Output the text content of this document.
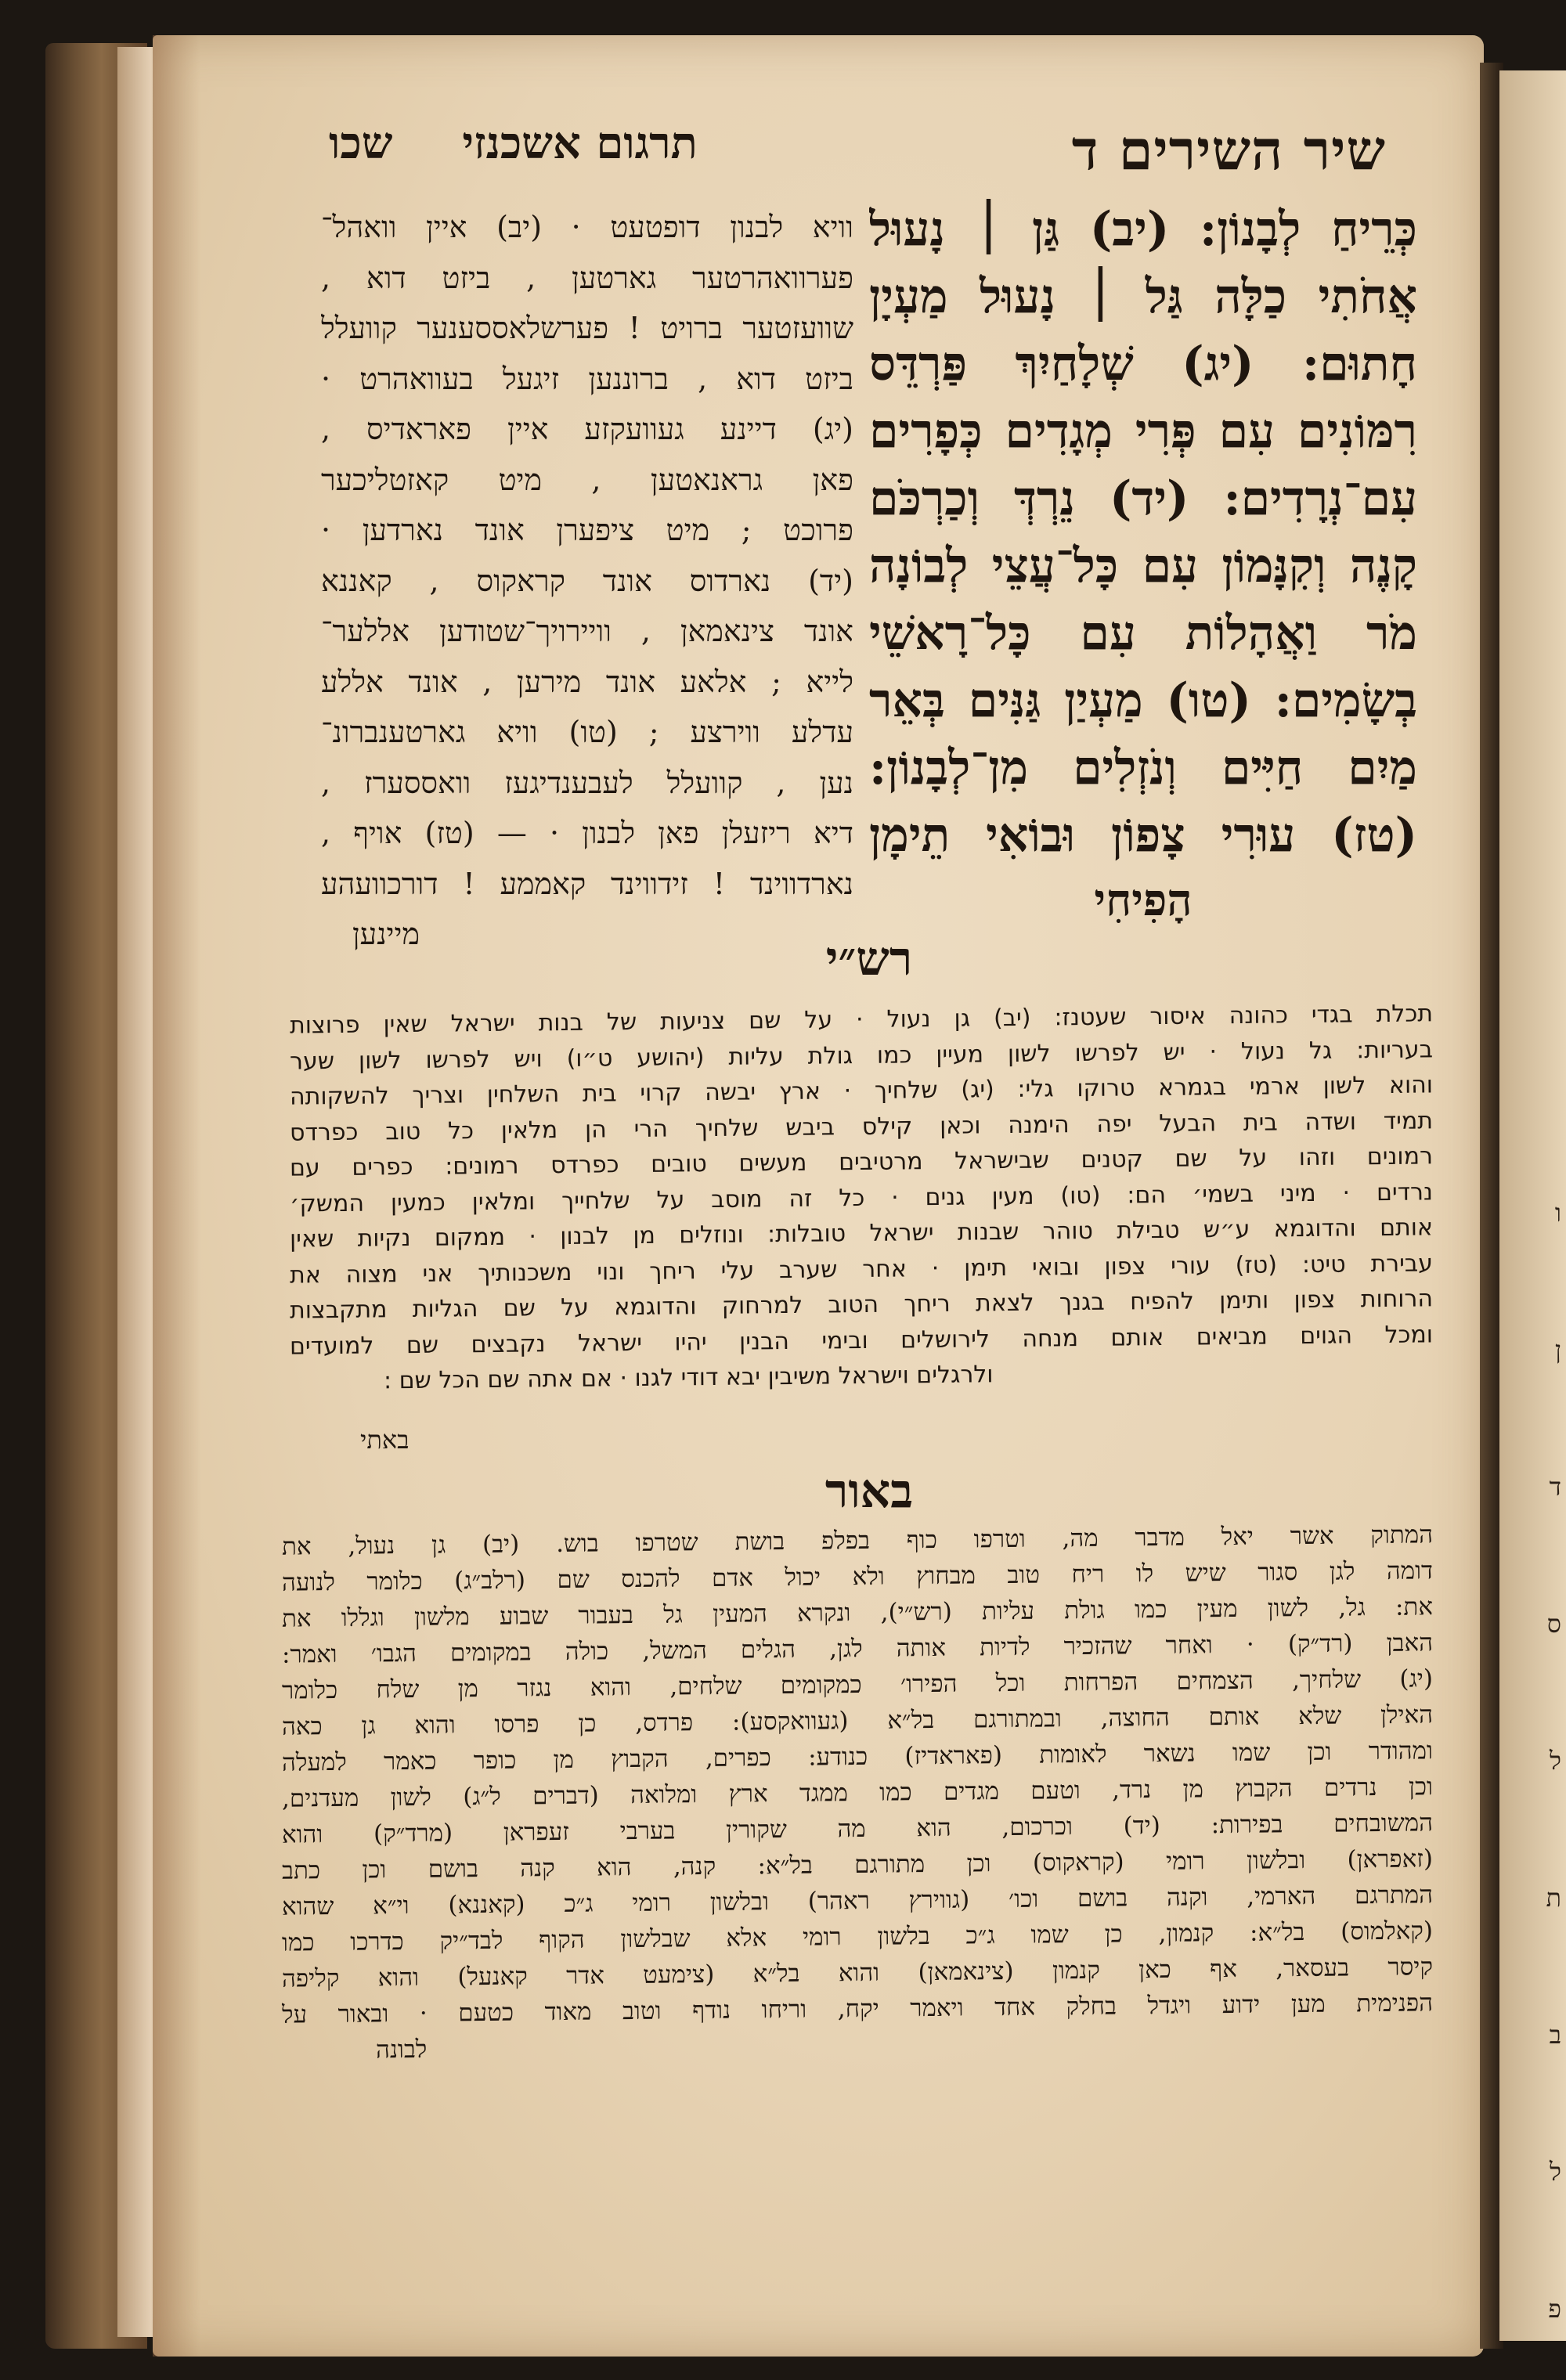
ו
ן
ד
ס
ל
ת
ב
ל
פ
שיר השירים ד
תרגום אשכנזי  שכו
כְּרֵיחַ לְבָנוֹן: (יב) גַּן ׀ נָעוּל
אֲחֹתִי כַלָּה גַּל ׀ נָעוּל מַעְיָן
חָתוּם: (יג) שְׁלָחַיִךְ פַּרְדֵּס
רִמּוֹנִים עִם פְּרִי מְגָדִים כְּפָרִים
עִם־נְרָדִים: (יד) נֵרְדְּ וְכַרְכֹּם
קָנֶה וְקִנָּמוֹן עִם כָּל־עֲצֵי לְבוֹנָה
מֹר וַאֲהָלוֹת עִם כָּל־רָאשֵׁי
בְשָׂמִים: (טו) מַעְיַן גַּנִּים בְּאֵר
מַיִם חַיִּים וְנֹזְלִים מִן־לְבָנוֹן:
(טז) עוּרִי צָפוֹן וּבוֹאִי תֵימָן
הָפִיחִי
וויא לבנון דופטעט · (יב) איין וואהל־
פערוואהרטער גארטען , ביזט דוא ,
שוועזטער ברויט ! פערשלאססענער קוועלל
ביזט דוא , ברוננען זיגעל בעוואהרט ·
(יג) דיינע געוועקזע איין פאראדיס ,
פאן גראנאטען , מיט קאזטליכער
פרוכט ; מיט ציפערן אונד נארדען ·
(יד) נארדוס אונד קראקוס , קאננא
אונד צינאמאן , וויירויך־שטודען אללער־
לייא ; אלאע אונד מירען , אונד אללע
עדלע ווירצע ; (טו) וויא גארטענברונ־
נען , קוועלל לעבענדיגעז וואססערז ,
דיא ריזעלן פאן לבנון · — (טז) אויף ,
נארדווינד ! זידווינד קאממע ! דורכוועהע
מיינען	רש״י
תכלת בגדי כהונה איסור שעטנז: (יב) גן נעול · על שם צניעות של בנות ישראל שאין פרוצות
בעריות: גל נעול · יש לפרשו לשון מעיין כמו גולת עליות (יהושע ט״ו) ויש לפרשו לשון שער
והוא לשון ארמי בגמרא טרוקו גלי: (יג) שלחיך · ארץ יבשה קרוי בית השלחין וצריך להשקותה
תמיד ושדה בית הבעל יפה הימנה וכאן קילס ביבש שלחיך הרי הן מלאין כל טוב כפרדס
רמונים וזהו על שם קטנים שבישראל מרטיבים מעשים טובים כפרדס רמונים: כפרים עם
נרדים · מיני בשמי׳ הם: (טו) מעין גנים · כל זה מוסב על שלחייך ומלאין כמעין המשק׳
אותם והדוגמא ע״ש טבילת טוהר שבנות ישראל טובלות: ונוזלים מן לבנון · ממקום נקיות שאין
עבירת טיט: (טז) עורי צפון ובואי תימן · אחר שערב עלי ריחך ונוי משכנותיך אני מצוה את
הרוחות צפון ותימן להפיח בגנך לצאת ריחך הטוב למרחוק והדוגמא על שם הגליות מתקבצות
ומכל הגוים מביאים אותם מנחה לירושלים ובימי הבנין יהיו ישראל נקבצים שם למועדים
ולרגלים וישראל משיבין יבא דודי לגנו · אם אתה שם הכל שם :
באתי
באור
המתוק אשר יאל מדבר מה, וטרפו כוף בפלפ בושת שטרפו בוש. (יב) גן נעול, את
דומה לגן סגור שיש לו ריח טוב מבחוץ ולא יכול אדם להכנס שם (רלב״ג) כלומר לנועה
את: גל, לשון מעין כמו גולת עליות (רש״י), ונקרא המעין גל בעבור שבוע מלשון וגללו את
האבן (רד״ק) · ואחר שהזכיר לדיות אותה לגן, הגלים המשל, כולה במקומים הגבו׳ ואמר:
(יג) שלחיך, הצמחים הפרחות וכל הפירו׳ כמקומים שלחים, והוא נגזר מן שלח כלומר
האילן שלא אותם החוצה, ובמתורגם בל״א (געוואקסע): פרדס, כן פרסו והוא גן כאה
ומהודר וכן שמו נשאר לאומות (פאראדיז) כנודע: כפרים, הקבוץ מן כופר כאמר למעלה
וכן נרדים הקבוץ מן נרד, וטעם מגדים כמו ממגד ארץ ומלואה (דברים ל״ג) לשון מעדנים,
המשובחים בפירות: (יד) וכרכום, הוא מה שקורין בערבי זעפראן (מרד״ק) והוא
(זאפראן) ובלשון רומי (קראקוס) וכן מתורגם בל״א: קנה, הוא קנה בושם וכן כתב
המתרגם הארמי, וקנה בושם וכו׳ (גווירץ ראהר) ובלשון רומי ג״כ (קאננא) וי״א שהוא
(קאלמוס) בל״א: קנמון, כן שמו ג״כ בלשון רומי אלא שבלשון הקוף לבד״יק כדרכו כמו
קיסר בעסאר, אף כאן קנמון (צינאמאן) והוא בל״א (צימעט אדר קאנעל) והוא קליפה
הפנימית מען ידוע ויגדל בחלק אחד ויאמר יקח, וריחו נודף וטוב מאוד כטעם · ובאור על
לבונה
